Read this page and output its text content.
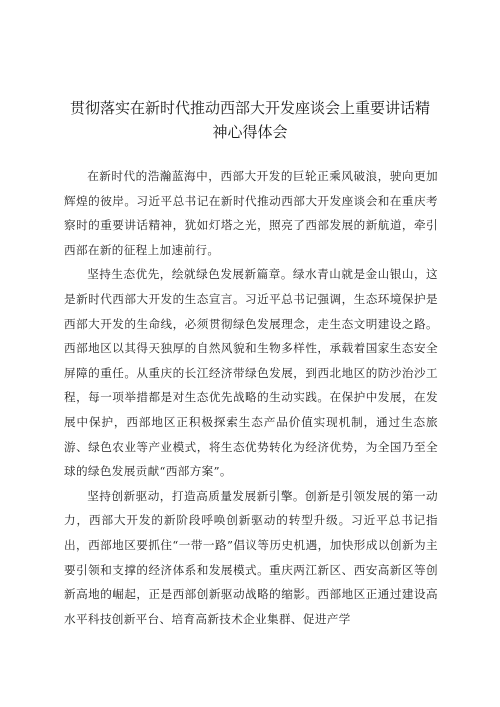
贯彻落实在新时代推动西部大开发座谈会上重要讲话精
神心得体会

在新时代的浩瀚蓝海中，西部大开发的巨轮正乘风破浪，驶向更加辉煌的彼岸。习近平总书记在新时代推动西部大开发座谈会和在重庆考察时的重要讲话精神，犹如灯塔之光，照亮了西部发展的新航道，牵引西部在新的征程上加速前行。

坚持生态优先，绘就绿色发展新篇章。绿水青山就是金山银山，这是新时代西部大开发的生态宣言。习近平总书记强调，生态环境保护是西部大开发的生命线，必须贯彻绿色发展理念，走生态文明建设之路。西部地区以其得天独厚的自然风貌和生物多样性，承载着国家生态安全屏障的重任。从重庆的长江经济带绿色发展，到西北地区的防沙治沙工程，每一项举措都是对生态优先战略的生动实践。在保护中发展，在发展中保护，西部地区正积极探索生态产品价值实现机制，通过生态旅游、绿色农业等产业模式，将生态优势转化为经济优势，为全国乃至全球的绿色发展贡献“西部方案”。

坚持创新驱动，打造高质量发展新引擎。创新是引领发展的第一动力，西部大开发的新阶段呼唤创新驱动的转型升级。习近平总书记指出，西部地区要抓住“一带一路”倡议等历史机遇，加快形成以创新为主要引领和支撑的经济体系和发展模式。重庆两江新区、西安高新区等创新高地的崛起，正是西部创新驱动战略的缩影。西部地区正通过建设高水平科技创新平台、培育高新技术企业集群、促进产学
